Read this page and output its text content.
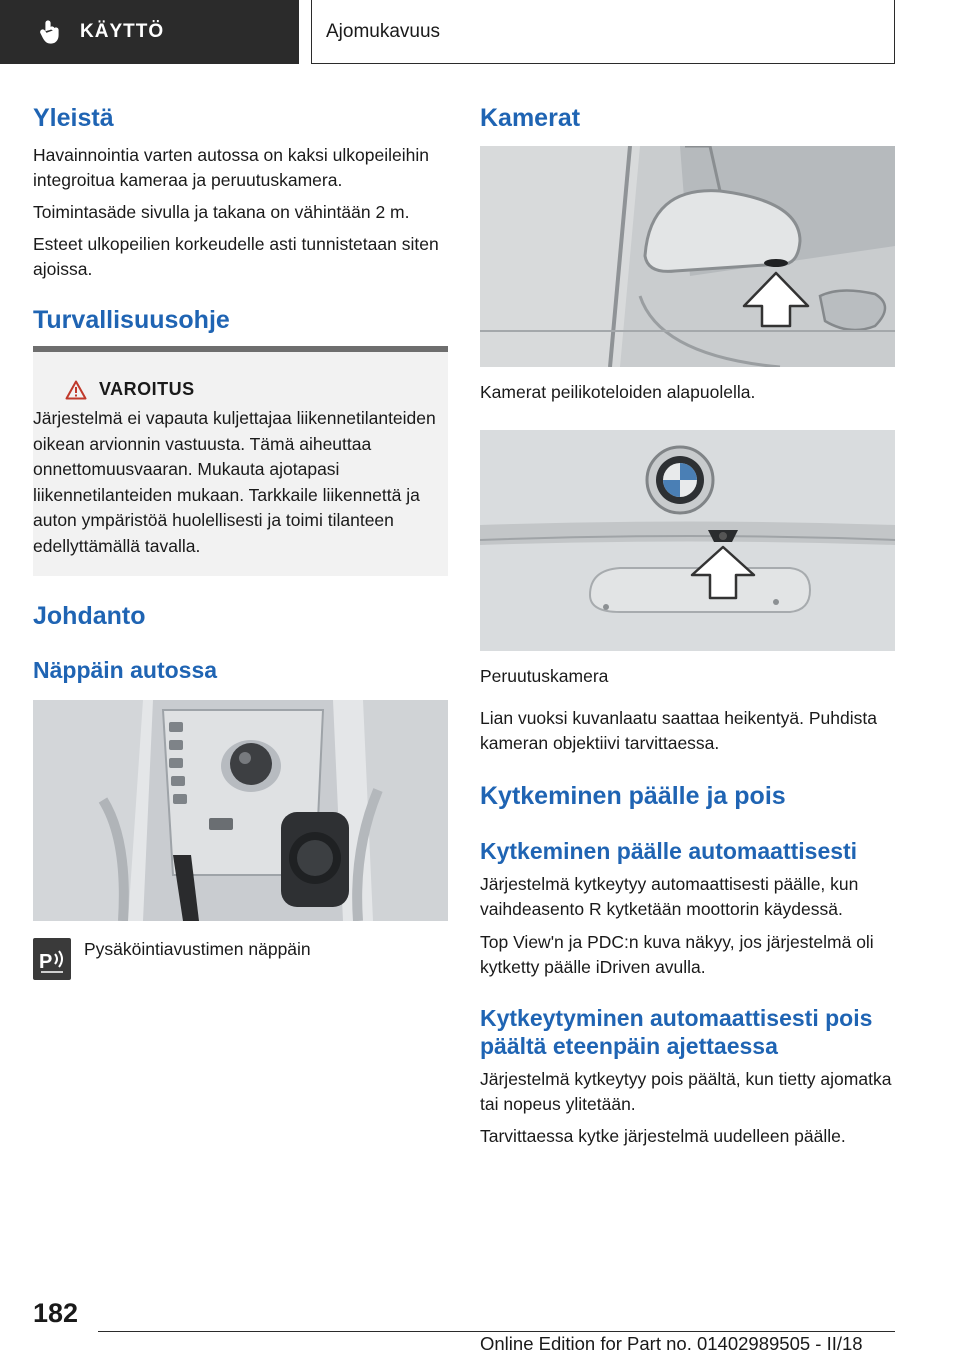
KÄYTTÖ	Ajomukavuus
Yleistä

Havainnointia varten autossa on kaksi ulkopeileihin integroitua kameraa ja peruutuskamera.

Toimintasäde sivulla ja takana on vähintään 2 m.

Esteet ulkopeilien korkeudelle asti tunnistetaan siten ajoissa.

Turvallisuusohje
VAROITUS
Järjestelmä ei vapauta kuljettajaa liikennetilanteiden oikean arvionnin vastuusta. Tämä aiheuttaa onnettomuusvaaran. Mukauta ajotapasi liikennetilanteiden mukaan. Tarkkaile liikennettä ja auton ympäristöä huolellisesti ja toimi tilanteen edellyttämällä tavalla.
Johdanto
Näppäin autossa
P

Pysäköintiavustimen näppäin

Kamerat

Kamerat peilikoteloiden alapuolella.

Peruutuskamera

Lian vuoksi kuvanlaatu saattaa heikentyä. Puhdista kameran objektiivi tarvittaessa.

Kytkeminen päälle ja pois
Kytkeminen päälle automaattisesti

Järjestelmä kytkeytyy automaattisesti päälle, kun vaihdeasento R kytketään moottorin käydessä.

Top View'n ja PDC:n kuva näkyy, jos järjestelmä oli kytketty päälle iDriven avulla.

Kytkeytyminen automaattisesti pois päältä eteenpäin ajettaessa

Järjestelmä kytkeytyy pois päältä, kun tietty ajomatka tai nopeus ylitetään.

Tarvittaessa kytke järjestelmä uudelleen päälle.

182
Online Edition for Part no. 01402989505 - II/18
